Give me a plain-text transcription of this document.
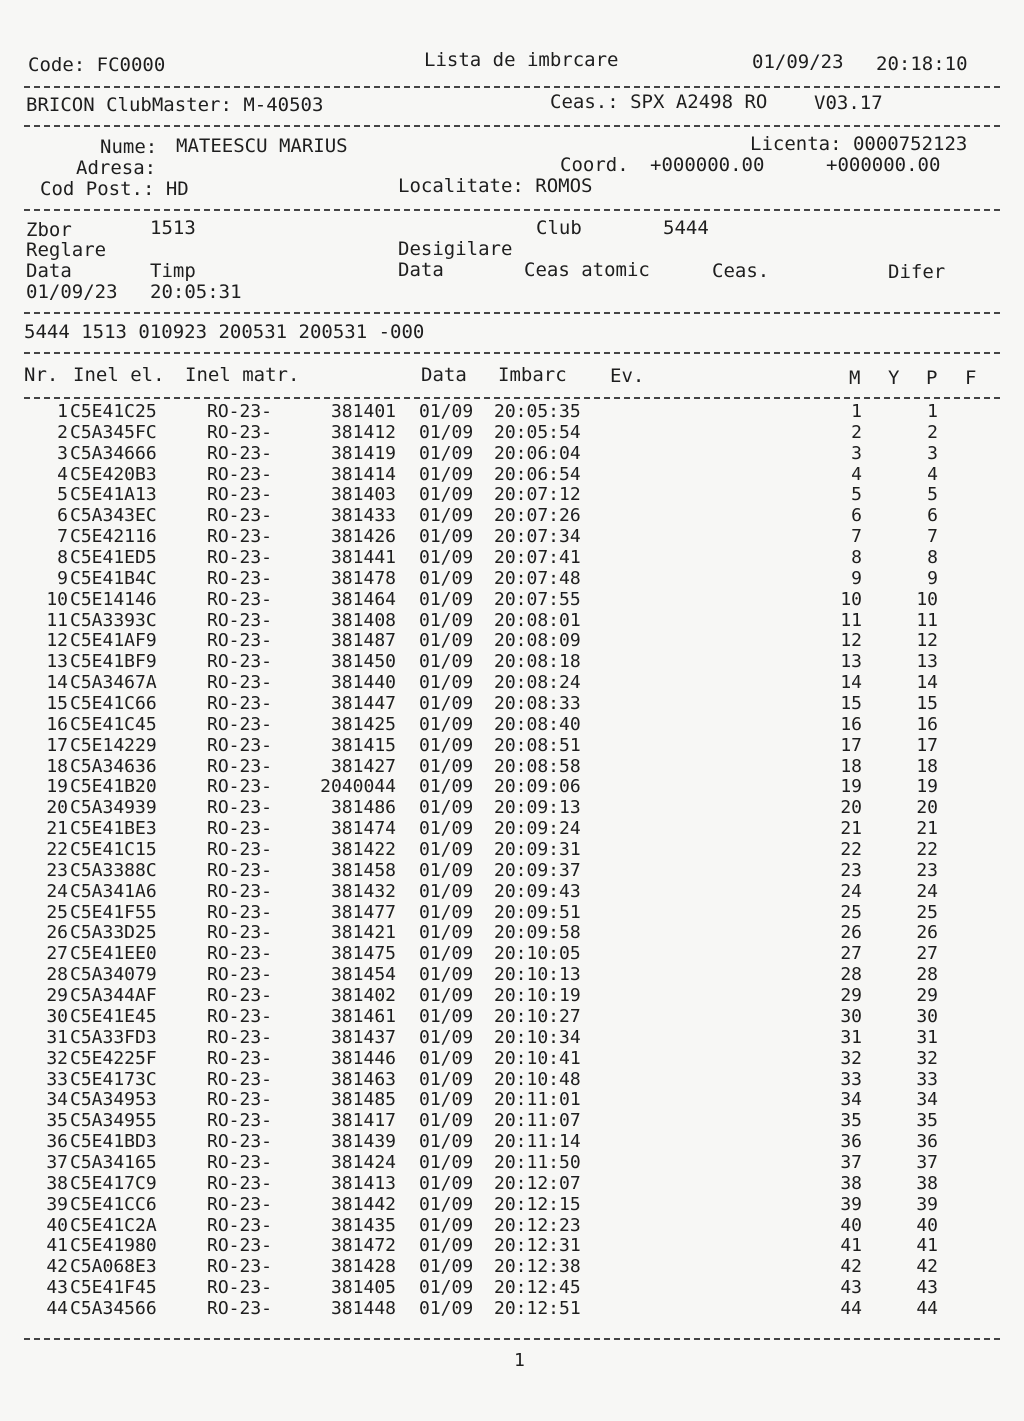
Code: FC0000	Lista de imbrcare	01/09/23 20:18:10
BRICON ClubMaster: M-40503	Ceas.: SPX A2498 RO V03.17
Nume: MATEESCU MARIUS	Licenta: 0000752123
Adresa:	Coord. +000000.00	+000000.00
Cod Post.: HD	Localitate: ROMOS
Zbor	1513	Club	5444
Reglare	Desigilare
Data	Timp	Data	Ceas atomic	Ceas.	Difer
01/09/23 20:05:31
5444 1513 010923 200531 200531 -000
Nr. Inel el. Inel matr.	Data Imbarc Ev.	M Y P F
1 C5E41C25	RO-23-	381401 01/09 20:05:35	1	1
2 C5A345FC	RO-23-	381412 01/09 20:05:54	2	2
3 C5A34666	RO-23-	381419 01/09 20:06:04	3	3
4 C5E420B3	RO-23-	381414 01/09 20:06:54	4	4
5 C5E41A13	RO-23-	381403 01/09 20:07:12	5	5
6 C5A343EC	RO-23-	381433 01/09 20:07:26	6	6
7 C5E42116	RO-23-	381426 01/09 20:07:34	7	7
8 C5E41ED5	RO-23-	381441 01/09 20:07:41	8	8
9 C5E41B4C	RO-23-	381478 01/09 20:07:48	9	9
10 C5E14146	RO-23-	381464 01/09 20:07:55	10	10
11 C5A3393C	RO-23-	381408 01/09 20:08:01	11	11
12 C5E41AF9	RO-23-	381487 01/09 20:08:09	12	12
13 C5E41BF9	RO-23-	381450 01/09 20:08:18	13	13
14 C5A3467A	RO-23-	381440 01/09 20:08:24	14	14
15 C5E41C66	RO-23-	381447 01/09 20:08:33	15	15
16 C5E41C45	RO-23-	381425 01/09 20:08:40	16	16
17 C5E14229	RO-23-	381415 01/09 20:08:51	17	17
18 C5A34636	RO-23-	381427 01/09 20:08:58	18	18
19 C5E41B20	RO-23-	2040044 01/09 20:09:06	19	19
20 C5A34939	RO-23-	381486 01/09 20:09:13	20	20
21 C5E41BE3	RO-23-	381474 01/09 20:09:24	21	21
22 C5E41C15	RO-23-	381422 01/09 20:09:31	22	22
23 C5A3388C	RO-23-	381458 01/09 20:09:37	23	23
24 C5A341A6	RO-23-	381432 01/09 20:09:43	24	24
25 C5E41F55	RO-23-	381477 01/09 20:09:51	25	25
26 C5A33D25	RO-23-	381421 01/09 20:09:58	26	26
27 C5E41EE0	RO-23-	381475 01/09 20:10:05	27	27
28 C5A34079	RO-23-	381454 01/09 20:10:13	28	28
29 C5A344AF	RO-23-	381402 01/09 20:10:19	29	29
30 C5E41E45	RO-23-	381461 01/09 20:10:27	30	30
31 C5A33FD3	RO-23-	381437 01/09 20:10:34	31	31
32 C5E4225F	RO-23-	381446 01/09 20:10:41	32	32
33 C5E4173C	RO-23-	381463 01/09 20:10:48	33	33
34 C5A34953	RO-23-	381485 01/09 20:11:01	34	34
35 C5A34955	RO-23-	381417 01/09 20:11:07	35	35
36 C5E41BD3	RO-23-	381439 01/09 20:11:14	36	36
37 C5A34165	RO-23-	381424 01/09 20:11:50	37	37
38 C5E417C9	RO-23-	381413 01/09 20:12:07	38	38
39 C5E41CC6	RO-23-	381442 01/09 20:12:15	39	39
40 C5E41C2A	RO-23-	381435 01/09 20:12:23	40	40
41 C5E41980	RO-23-	381472 01/09 20:12:31	41	41
42 C5A068E3	RO-23-	381428 01/09 20:12:38	42	42
43 C5E41F45	RO-23-	381405 01/09 20:12:45	43	43
44 C5A34566	RO-23-	381448 01/09 20:12:51	44	44
1
